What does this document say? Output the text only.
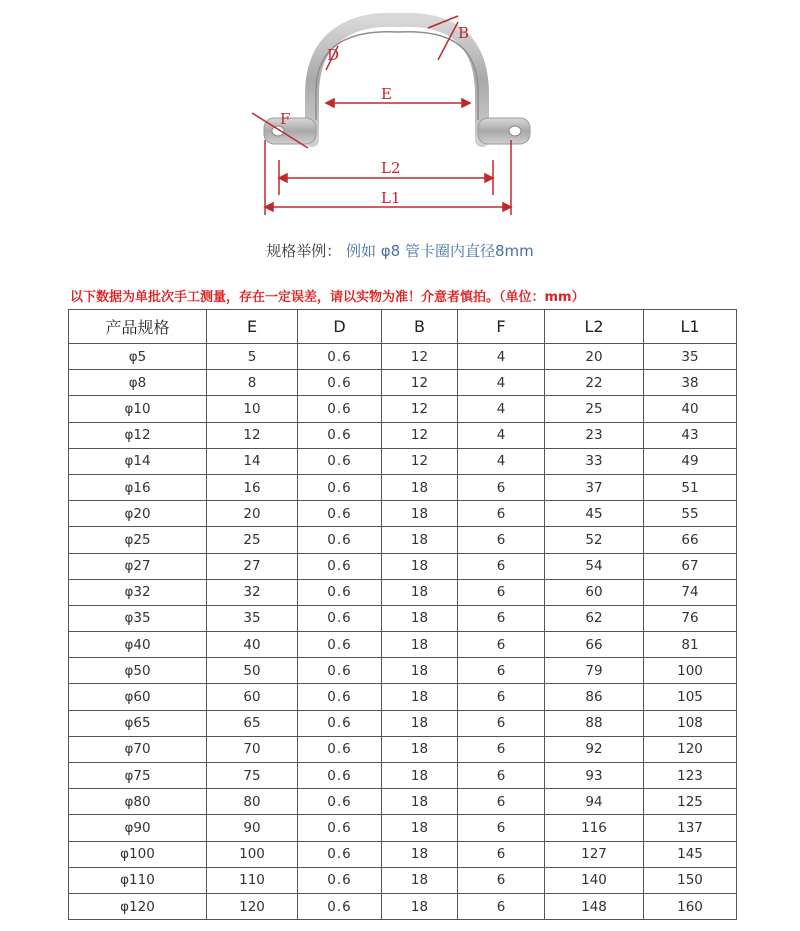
B
D
E
F
L2
L1
规格举例： 例如 φ8 管卡圈内直径8mm
以下数据为单批次手工测量，存在一定误差，请以实物为准！介意者慎拍。（单位：mm）
产品规格	E	D	B	F	L2	L1
φ5	5	0.6	12	4	20	35
φ8	8	0.6	12	4	22	38
φ10	10	0.6	12	4	25	40
φ12	12	0.6	12	4	23	43
φ14	14	0.6	12	4	33	49
φ16	16	0.6	18	6	37	51
φ20	20	0.6	18	6	45	55
φ25	25	0.6	18	6	52	66
φ27	27	0.6	18	6	54	67
φ32	32	0.6	18	6	60	74
φ35	35	0.6	18	6	62	76
φ40	40	0.6	18	6	66	81
φ50	50	0.6	18	6	79	100
φ60	60	0.6	18	6	86	105
φ65	65	0.6	18	6	88	108
φ70	70	0.6	18	6	92	120
φ75	75	0.6	18	6	93	123
φ80	80	0.6	18	6	94	125
φ90	90	0.6	18	6	116	137
φ100	100	0.6	18	6	127	145
φ110	110	0.6	18	6	140	150
φ120	120	0.6	18	6	148	160
